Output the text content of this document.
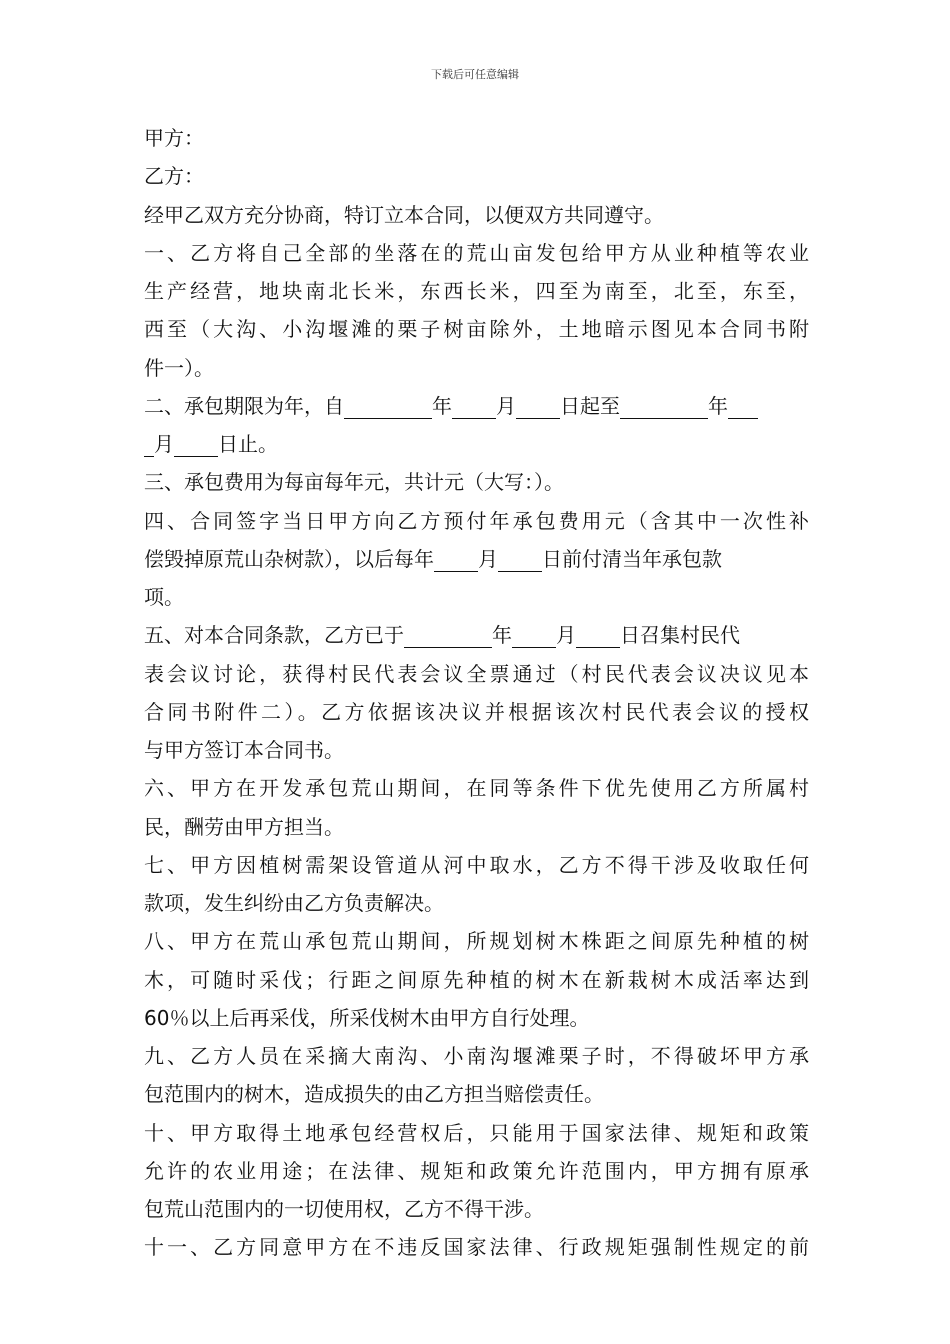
下载后可任意编辑
甲方：
乙方：
经甲乙双方充分协商，特订立本合同，以便双方共同遵守。
一、乙方将自己全部的坐落在的荒山亩发包给甲方从业种植等农业
生产经营，地块南北长米，东西长米，四至为南至，北至，东至，
西至（大沟、小沟堰滩的栗子树亩除外，土地暗示图见本合同书附
件一）。
二、承包期限为年，自	年 月 日起至	年
月 日止。
三、承包费用为每亩每年元，共计元（大写：）。
四、合同签字当日甲方向乙方预付年承包费用元（含其中一次性补
偿毁掉原荒山杂树款），以后每年 月 日前付清当年承包款
项。
五、对本合同条款，乙方已于	年 月 日召集村民代
表会议讨论，获得村民代表会议全票通过（村民代表会议决议见本
合同书附件二）。乙方依据该决议并根据该次村民代表会议的授权
与甲方签订本合同书。
六、甲方在开发承包荒山期间，在同等条件下优先使用乙方所属村
民，酬劳由甲方担当。
七、甲方因植树需架设管道从河中取水，乙方不得干涉及收取任何
款项，发生纠纷由乙方负责解决。
八、甲方在荒山承包荒山期间，所规划树木株距之间原先种植的树
木，可随时采伐；行距之间原先种植的树木在新栽树木成活率达到
60％以上后再采伐，所采伐树木由甲方自行处理。
九、乙方人员在采摘大南沟、小南沟堰滩栗子时，不得破坏甲方承
包范围内的树木，造成损失的由乙方担当赔偿责任。
十、甲方取得土地承包经营权后，只能用于国家法律、规矩和政策
允许的农业用途；在法律、规矩和政策允许范围内，甲方拥有原承
包荒山范围内的一切使用权，乙方不得干涉。
十一、乙方同意甲方在不违反国家法律、行政规矩强制性规定的前
